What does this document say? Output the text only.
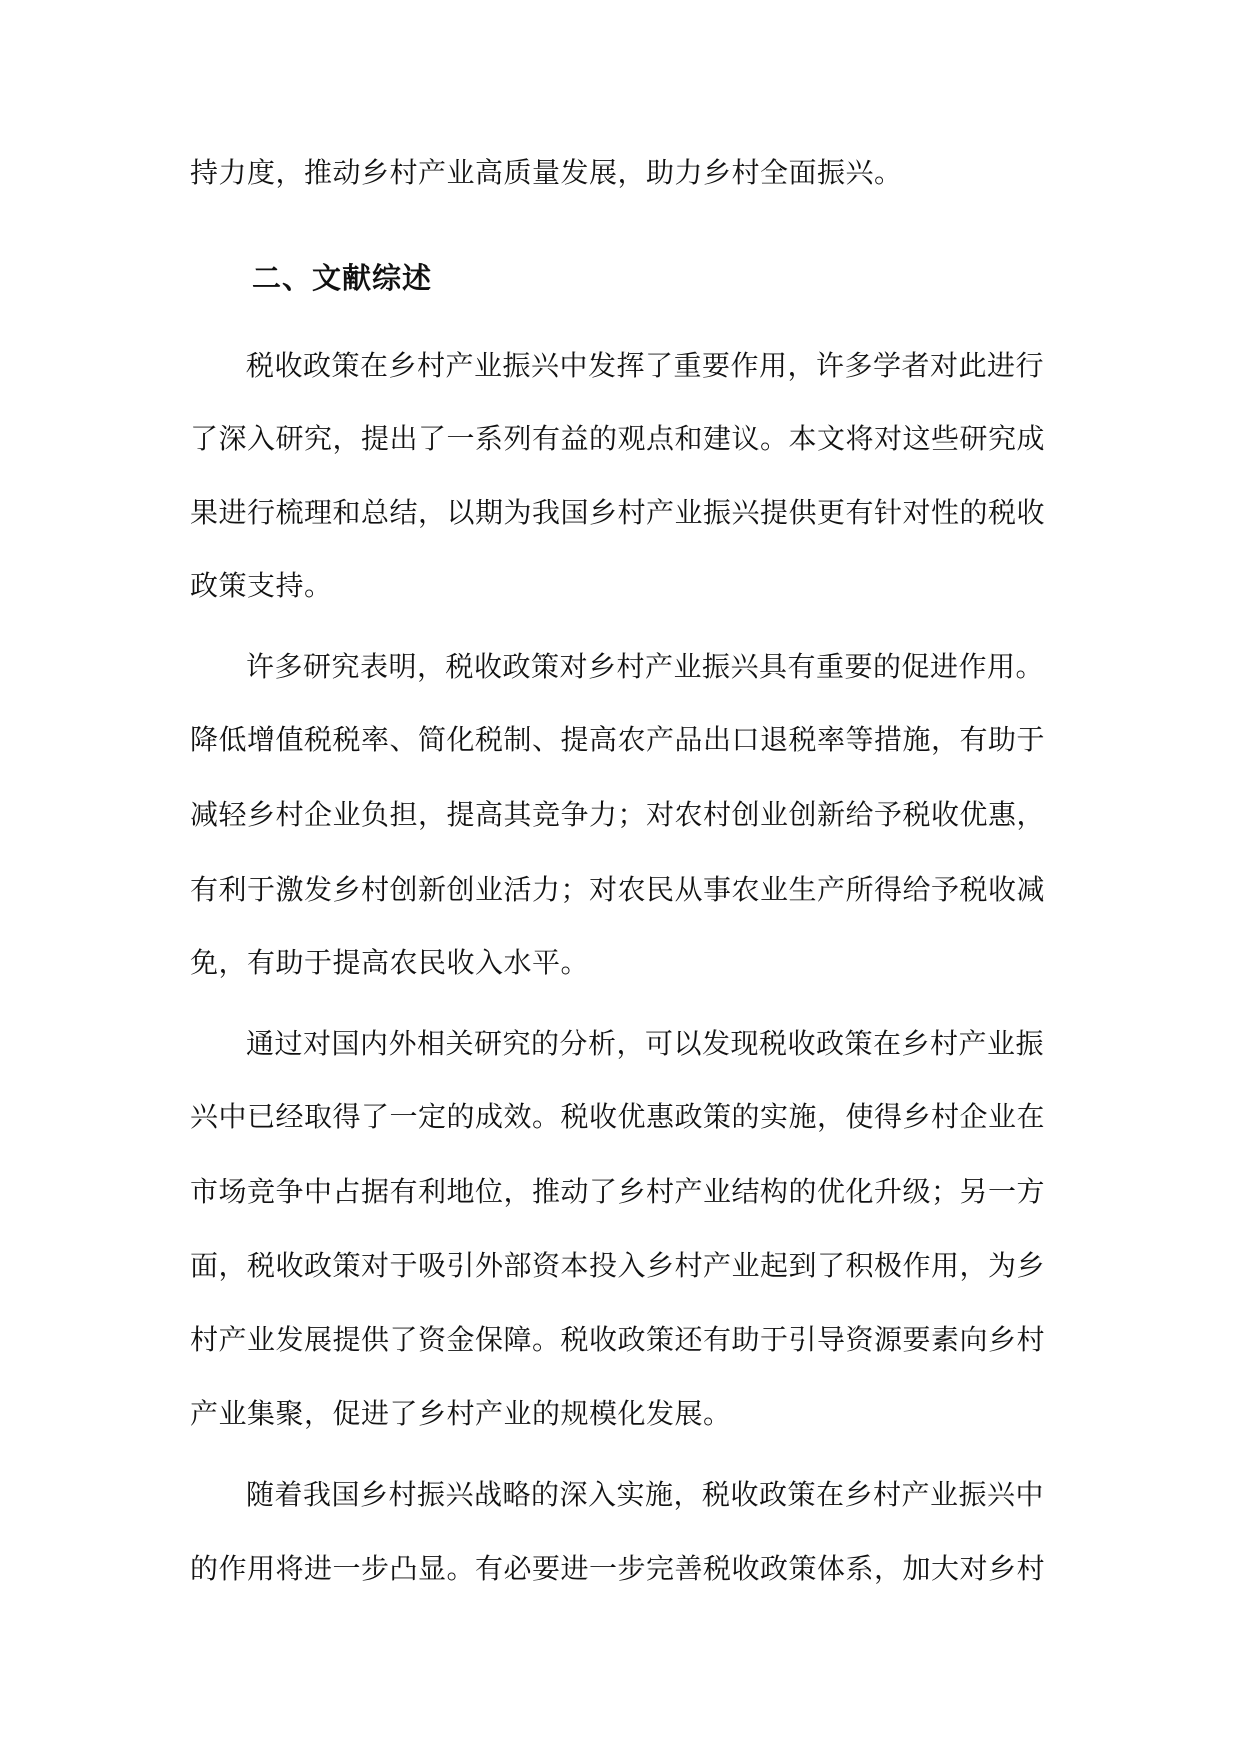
持力度，推动乡村产业高质量发展，助力乡村全面振兴。
二、文献综述
税收政策在乡村产业振兴中发挥了重要作用，许多学者对此进行
了深入研究，提出了一系列有益的观点和建议。本文将对这些研究成
果进行梳理和总结，以期为我国乡村产业振兴提供更有针对性的税收
政策支持。
许多研究表明，税收政策对乡村产业振兴具有重要的促进作用。
降低增值税税率、简化税制、提高农产品出口退税率等措施，有助于
减轻乡村企业负担，提高其竞争力；对农村创业创新给予税收优惠，
有利于激发乡村创新创业活力；对农民从事农业生产所得给予税收减
免，有助于提高农民收入水平。
通过对国内外相关研究的分析，可以发现税收政策在乡村产业振
兴中已经取得了一定的成效。税收优惠政策的实施，使得乡村企业在
市场竞争中占据有利地位，推动了乡村产业结构的优化升级；另一方
面，税收政策对于吸引外部资本投入乡村产业起到了积极作用，为乡
村产业发展提供了资金保障。税收政策还有助于引导资源要素向乡村
产业集聚，促进了乡村产业的规模化发展。
随着我国乡村振兴战略的深入实施，税收政策在乡村产业振兴中
的作用将进一步凸显。有必要进一步完善税收政策体系，加大对乡村
